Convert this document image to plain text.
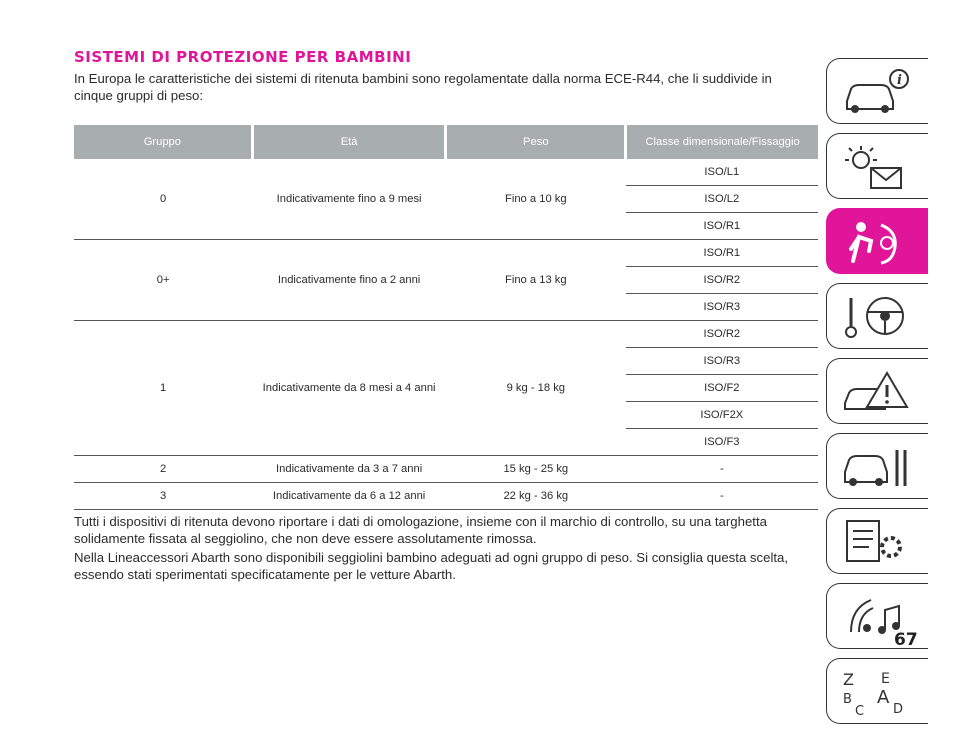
SISTEMI DI PROTEZIONE PER BAMBINI
In Europa le caratteristiche dei sistemi di ritenuta bambini sono regolamentate dalla norma ECE-R44, che li suddivide in cinque gruppi di peso:
Gruppo	Età	Peso	Classe dimensionale/Fissaggio
0	Indicativamente fino a 9 mesi	Fino a 10 kg	ISO/L1
			ISO/L2
			ISO/R1
0+	Indicativamente fino a 2 anni	Fino a 13 kg	ISO/R1
			ISO/R2
			ISO/R3
1	Indicativamente da 8 mesi a 4 anni	9 kg - 18 kg	ISO/R2
			ISO/R3
			ISO/F2
			ISO/F2X
			ISO/F3
2	Indicativamente da 3 a 7 anni	15 kg - 25 kg	-
3	Indicativamente da 6 a 12 anni	22 kg - 36 kg	-

Tutti i dispositivi di ritenuta devono riportare i dati di omologazione, insieme con il marchio di controllo, su una targhetta solidamente fissata al seggiolino, che non deve essere assolutamente rimossa.

Nella Lineaccessori Abarth sono disponibili seggiolini bambino adeguati ad ogni gruppo di peso. Si consiglia questa scelta, essendo stati sperimentati specificatamente per le vetture Abarth.

i
Z E
B A
C D
67
